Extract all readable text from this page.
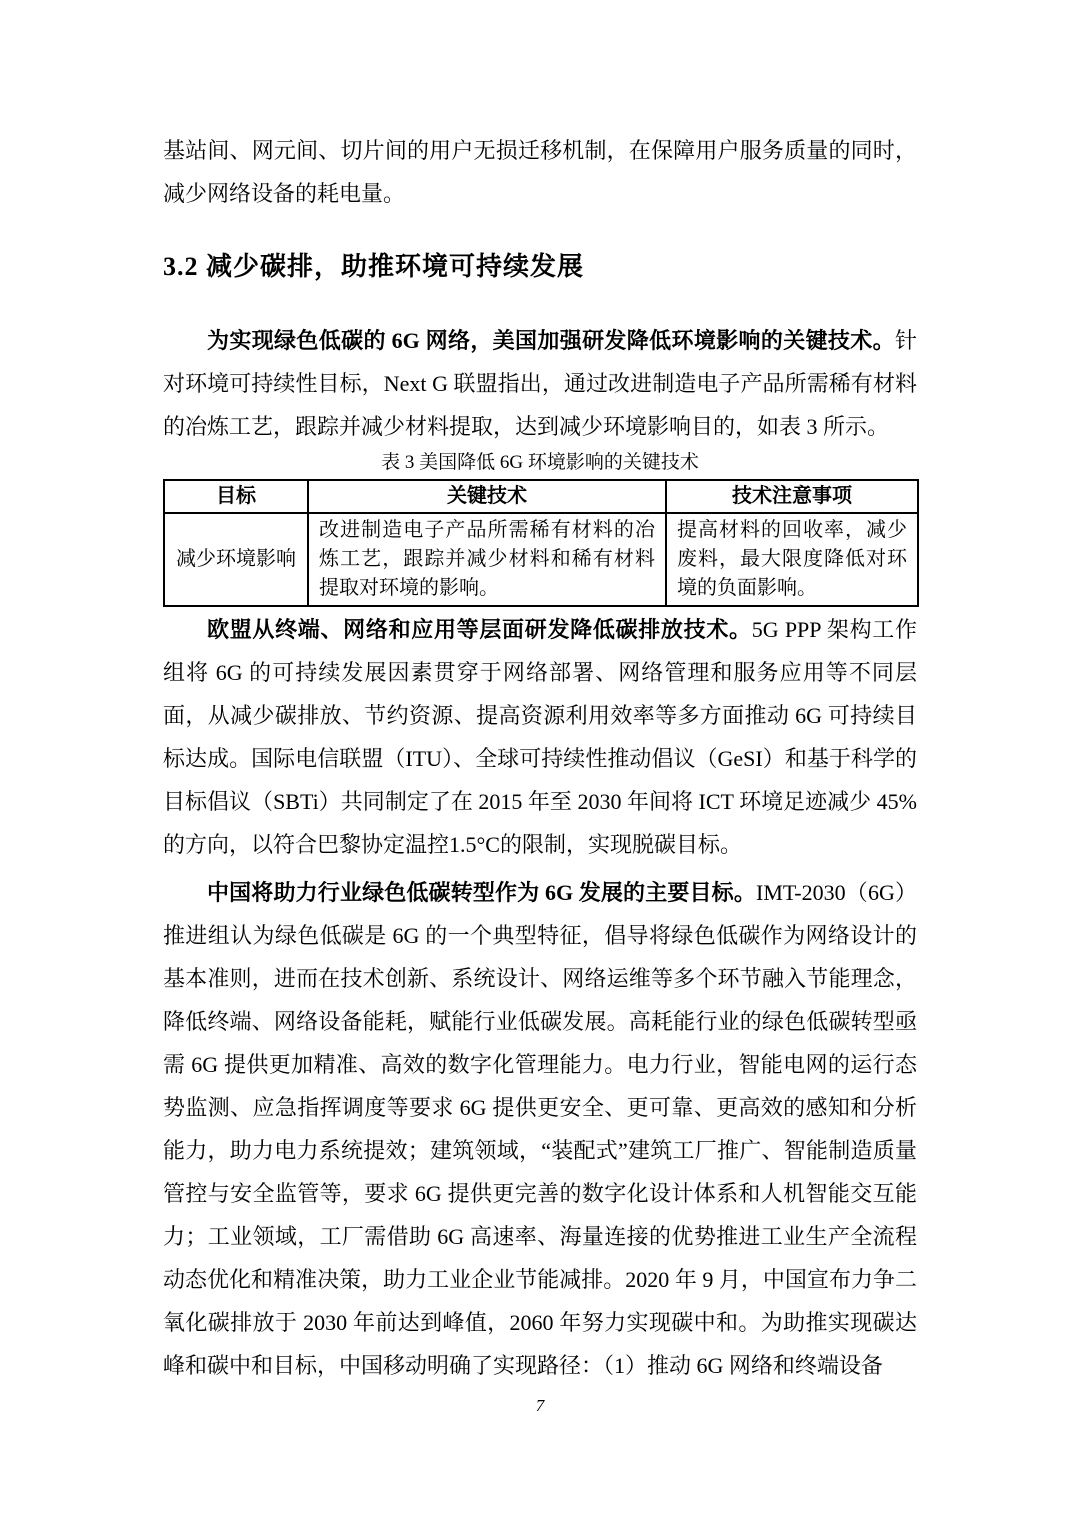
基站间、网元间、切片间的用户无损迁移机制，在保障用户服务质量的同时，减少网络设备的耗电量。

3.2 减少碳排，助推环境可持续发展

为实现绿色低碳的 6G 网络，美国加强研发降低环境影响的关键技术。针对环境可持续性目标，Next G 联盟指出，通过改进制造电子产品所需稀有材料的冶炼工艺，跟踪并减少材料提取，达到减少环境影响目的，如表 3 所示。

表 3 美国降低 6G 环境影响的关键技术
目标	关键技术	技术注意事项
减少环境影响	改进制造电子产品所需稀有材料的冶炼工艺，跟踪并减少材料和稀有材料提取对环境的影响。	提高材料的回收率，减少废料，最大限度降低对环境的负面影响。

欧盟从终端、网络和应用等层面研发降低碳排放技术。5G PPP 架构工作组将 6G 的可持续发展因素贯穿于网络部署、网络管理和服务应用等不同层面，从减少碳排放、节约资源、提高资源利用效率等多方面推动 6G 可持续目标达成。国际电信联盟（ITU）、全球可持续性推动倡议（GeSI）和基于科学的目标倡议（SBTi）共同制定了在 2015 年至 2030 年间将 ICT 环境足迹减少 45%的方向，以符合巴黎协定温控1.5°C的限制，实现脱碳目标。

中国将助力行业绿色低碳转型作为 6G 发展的主要目标。IMT-2030（6G）推进组认为绿色低碳是 6G 的一个典型特征，倡导将绿色低碳作为网络设计的基本准则，进而在技术创新、系统设计、网络运维等多个环节融入节能理念，降低终端、网络设备能耗，赋能行业低碳发展。高耗能行业的绿色低碳转型亟需 6G 提供更加精准、高效的数字化管理能力。电力行业，智能电网的运行态势监测、应急指挥调度等要求 6G 提供更安全、更可靠、更高效的感知和分析能力，助力电力系统提效；建筑领域，“装配式”建筑工厂推广、智能制造质量管控与安全监管等，要求 6G 提供更完善的数字化设计体系和人机智能交互能力；工业领域，工厂需借助 6G 高速率、海量连接的优势推进工业生产全流程动态优化和精准决策，助力工业企业节能减排。2020 年 9 月，中国宣布力争二氧化碳排放于 2030 年前达到峰值，2060 年努力实现碳中和。为助推实现碳达峰和碳中和目标，中国移动明确了实现路径：（1）推动 6G 网络和终端设备

7
